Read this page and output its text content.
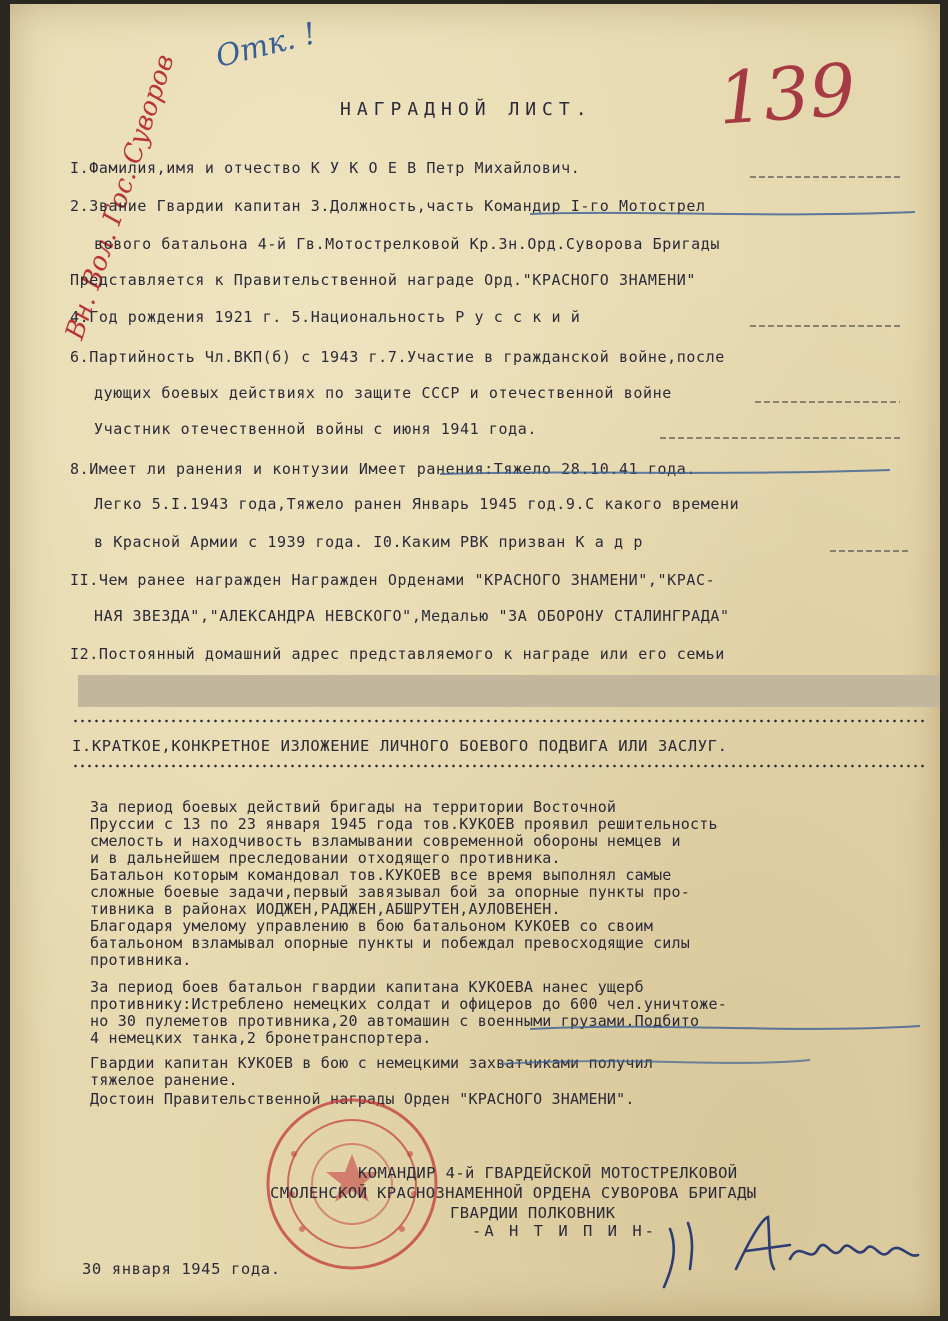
Вн. Вол. Гос. Суворов
Отк. !
139
НАГРАДНОЙ ЛИСТ.
I.Фамилия,имя и отчество К У К О Е В Петр Михайлович.
2.Звание Гвардии капитан 3.Должность,часть Командир I-го Мотострел
вового батальона 4-й Гв.Мотострелковой Кр.Зн.Орд.Суворова Бригады
Представляется к Правительственной награде Орд."КРАСНОГО ЗНАМЕНИ"
4.Год рождения 1921 г. 5.Национальность Р у с с к и й
6.Партийность Чл.ВКП(б) с 1943 г.7.Участие в гражданской войне,после
дующих боевых действиях по защите СССР и отечественной войне
Участник отечественной войны с июня 1941 года.
8.Имеет ли ранения и контузии Имеет ранения:Тяжело 28.10.41 года.
Легко 5.I.1943 года,Тяжело ранен Январь 1945 год.9.С какого времени
в Красной Армии с 1939 года. I0.Каким РВК призван К а д р
II.Чем ранее награжден Награжден Орденами "КРАСНОГО ЗНАМЕНИ","КРАС-
НАЯ ЗВЕЗДА","АЛЕКСАНДРА НЕВСКОГО",Медалью "ЗА ОБОРОНУ СТАЛИНГРАДА"
I2.Постоянный домашний адрес представляемого к награде или его семьи
I.КРАТКОЕ,КОНКРЕТНОЕ ИЗЛОЖЕНИЕ ЛИЧНОГО БОЕВОГО ПОДВИГА ИЛИ ЗАСЛУГ.
За период боевых действий бригады на территории Восточной
Пруссии с 13 по 23 января 1945 года тов.КУКОЕВ проявил решительность
смелость и находчивость взламывании современной обороны немцев и
и в дальнейшем преследовании отходящего противника.
Батальон которым командовал тов.КУКОЕВ все время выполнял самые
сложные боевые задачи,первый завязывал бой за опорные пункты про-
тивника в районах ИОДЖЕН,РАДЖЕН,АБШРУТЕН,АУЛОВЕНЕН.
Благодаря умелому управлению в бою батальоном КУКОЕВ со своим
батальоном взламывал опорные пункты и побеждал превосходящие силы
противника.
За период боев батальон гвардии капитана КУКОЕВА нанес ущерб
противнику:Истреблено немецких солдат и офицеров до 600 чел.уничтоже-
но 30 пулеметов противника,20 автомашин с военными грузами.Подбито
4 немецких танка,2 бронетранспортера.
Гвардии капитан КУКОЕВ в бою с немецкими захватчиками получил
тяжелое ранение.
Достоин Правительственной награды Орден "КРАСНОГО ЗНАМЕНИ".
КОМАНДИР 4-й ГВАРДЕЙСКОЙ МОТОСТРЕЛКОВОЙ
СМОЛЕНСКОЙ КРАСНОЗНАМЕННОЙ ОРДЕНА СУВОРОВА БРИГАДЫ
ГВАРДИИ ПОЛКОВНИК
-А Н Т И П И Н-
30 января 1945 года.
